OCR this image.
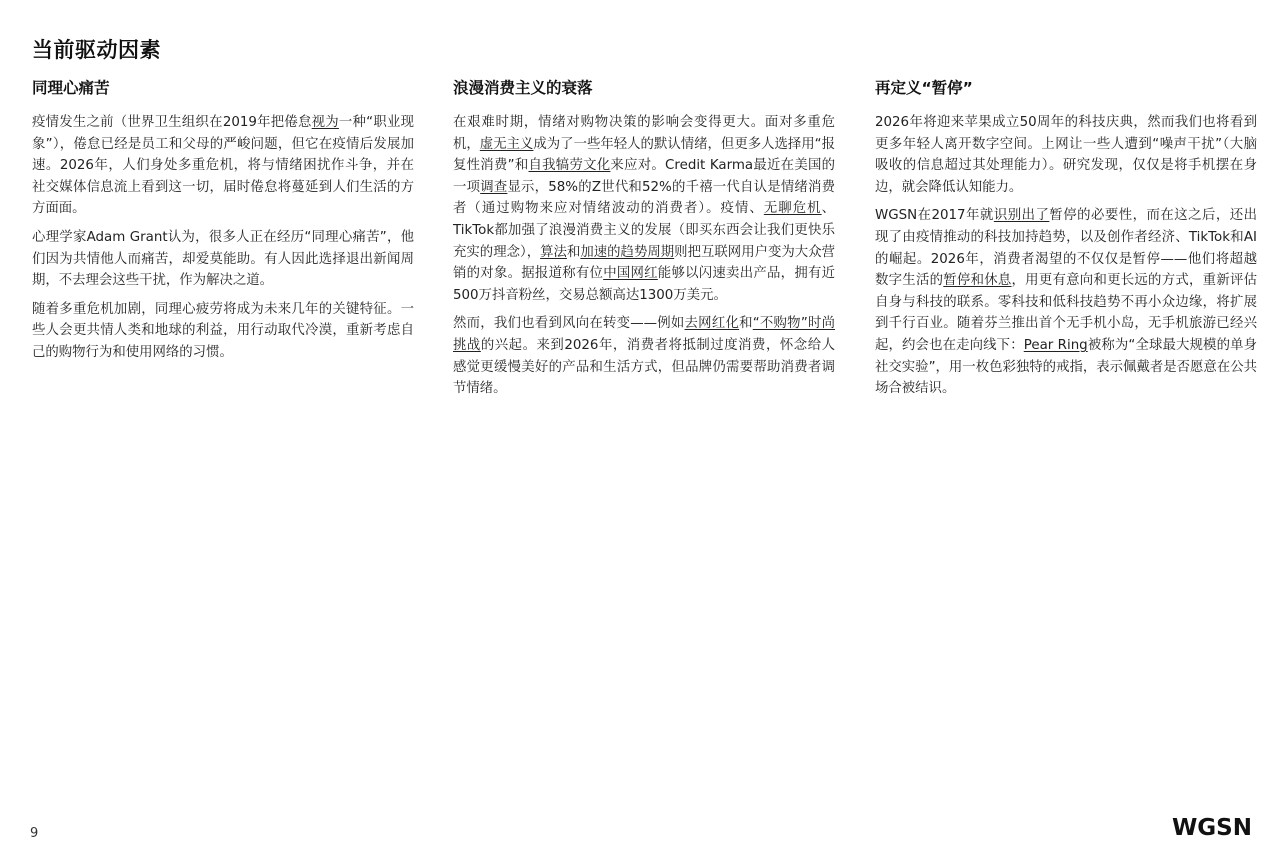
当前驱动因素
同理心痛苦

疫情发生之前（世界卫生组织在2019年把倦怠视为一种“职业现象”），倦怠已经是员工和父母的严峻问题，但它在疫情后发展加速。2026年，人们身处多重危机，将与情绪困扰作斗争，并在社交媒体信息流上看到这一切，届时倦怠将蔓延到人们生活的方方面面。

心理学家Adam Grant认为，很多人正在经历“同理心痛苦”，他们因为共情他人而痛苦，却爱莫能助。有人因此选择退出新闻周期，不去理会这些干扰，作为解决之道。

随着多重危机加剧，同理心疲劳将成为未来几年的关键特征。一些人会更共情人类和地球的利益，用行动取代冷漠，重新考虑自己的购物行为和使用网络的习惯。

浪漫消费主义的衰落

在艰难时期，情绪对购物决策的影响会变得更大。面对多重危机，虚无主义成为了一些年轻人的默认情绪，但更多人选择用“报复性消费”和自我犒劳文化来应对。Credit Karma最近在美国的一项调查显示，58%的Z世代和52%的千禧一代自认是情绪消费者（通过购物来应对情绪波动的消费者）。疫情、无聊危机、TikTok都加强了浪漫消费主义的发展（即买东西会让我们更快乐充实的理念），算法和加速的趋势周期则把互联网用户变为大众营销的对象。据报道称有位中国网红能够以闪速卖出产品，拥有近500万抖音粉丝，交易总额高达1300万美元。

然而，我们也看到风向在转变——例如去网红化和“不购物”时尚挑战的兴起。来到2026年，消费者将抵制过度消费，怀念给人感觉更缓慢美好的产品和生活方式，但品牌仍需要帮助消费者调节情绪。

再定义“暂停”

2026年将迎来苹果成立50周年的科技庆典，然而我们也将看到更多年轻人离开数字空间。上网让一些人遭到“噪声干扰”（大脑吸收的信息超过其处理能力）。研究发现，仅仅是将手机摆在身边，就会降低认知能力。

WGSN在2017年就识别出了暂停的必要性，而在这之后，还出现了由疫情推动的科技加持趋势，以及创作者经济、TikTok和AI的崛起。2026年，消费者渴望的不仅仅是暂停——他们将超越数字生活的暂停和休息，用更有意向和更长远的方式，重新评估自身与科技的联系。零科技和低科技趋势不再小众边缘，将扩展到千行百业。随着芬兰推出首个无手机小岛，无手机旅游已经兴起，约会也在走向线下：Pear Ring被称为“全球最大规模的单身社交实验”，用一枚色彩独特的戒指，表示佩戴者是否愿意在公共场合被结识。

9	WGSN
